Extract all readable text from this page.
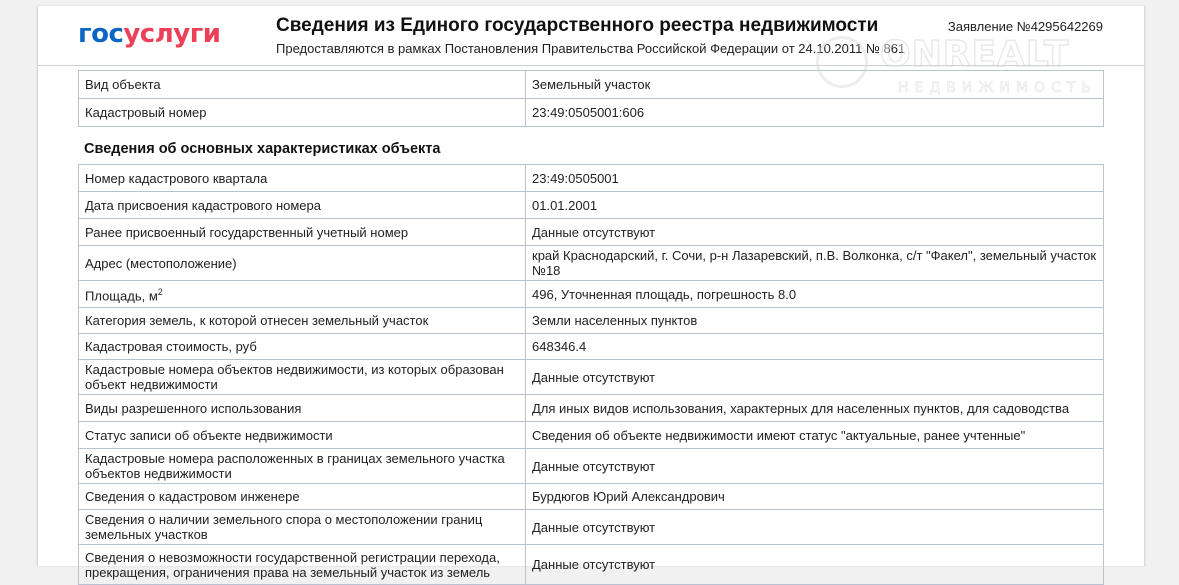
госуслуги	Сведения из Единого государственного реестра недвижимости
Предоставляются в рамках Постановления Правительства Российской Федерации от 24.10.2011 № 861
Заявление №4295642269
ONREALT
НЕДВИЖИМОСТЬ
Вид объекта	Земельный участок
Кадастровый номер	23:49:0505001:606
Сведения об основных характеристиках объекта
Номер кадастрового квартала	23:49:0505001
Дата присвоения кадастрового номера	01.01.2001
Ранее присвоенный государственный учетный номер	Данные отсутствуют
Адрес (местоположение)	край Краснодарский, г. Сочи, р-н Лазаревский, п.В. Волконка, с/т "Факел", земельный участок №18
Площадь, $м^2$	496, Уточненная площадь, погрешность 8.0
Категория земель, к которой отнесен земельный участок	Земли населенных пунктов
Кадастровая стоимость, руб	648346.4
Кадастровые номера объектов недвижимости, из которых образован объект недвижимости	Данные отсутствуют
Виды разрешенного использования	Для иных видов использования, характерных для населенных пунктов, для садоводства
Статус записи об объекте недвижимости	Сведения об объекте недвижимости имеют статус "актуальные, ранее учтенные"
Кадастровые номера расположенных в границах земельного участка объектов недвижимости	Данные отсутствуют
Сведения о кадастровом инженере	Бурдюгов Юрий Александрович
Сведения о наличии земельного спора о местоположении границ земельных участков	Данные отсутствуют
Сведения о невозможности государственной регистрации перехода, прекращения, ограничения права на земельный участок из земель	Данные отсутствуют
